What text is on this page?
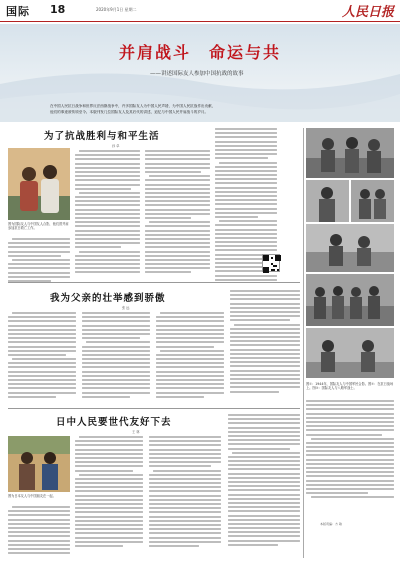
国际 18	2020年9月1日 星期二	人民日报
并肩战斗　命运与共
——讲述国际友人参加中国抗战的故事
在中国人民抗日战争和世界反法西斯战争中，许多国际友人为中国人民声援、为中国人民抗战作出贡献，
他们的事迹被传颂至今。本版刊发几位国际友人及其后代的讲述，追忆与中国人民并肩战斗的岁月。
为了抗战胜利与和平生活
孙 卓
图为国际友人与中国友人合影，他们曾并肩参加抗日救亡工作。
图①：1944年，国际友人与中国军民合影。图②：在抗日战场上。图③：国际友人与八路军战士。
本版责编：方 敏
我为父亲的壮举感到骄傲
张 远
日中人民要世代友好下去
王 林
图为日本友人与中国朋友在一起。
